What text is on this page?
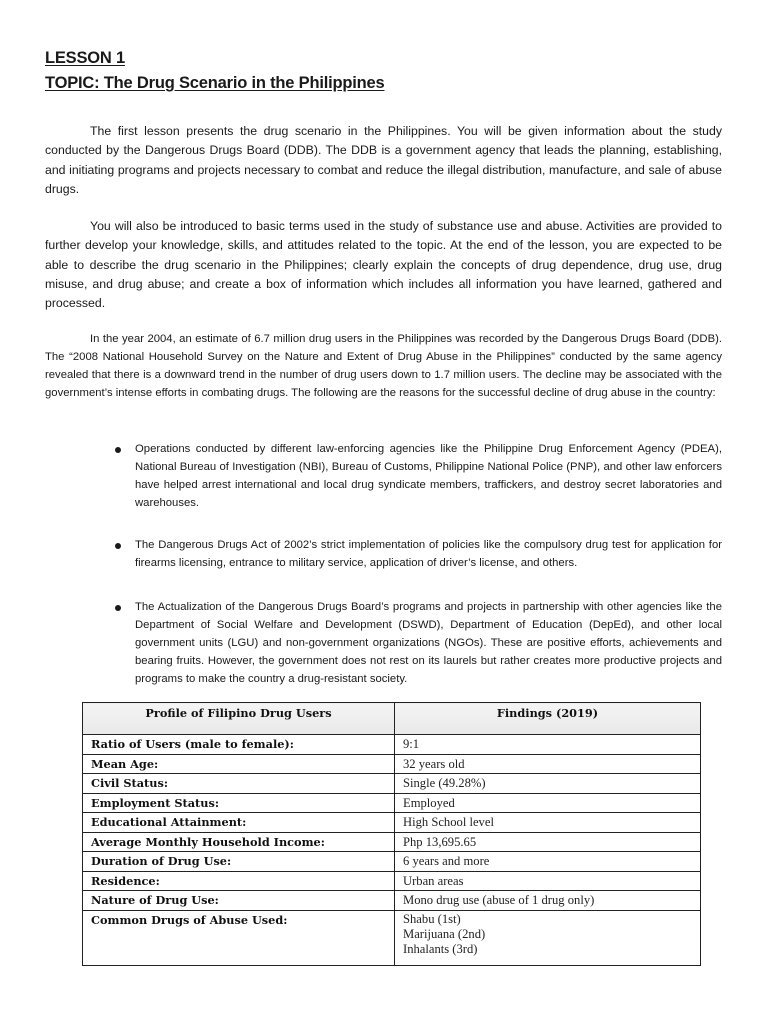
LESSON 1
TOPIC: The Drug Scenario in the Philippines

The first lesson presents the drug scenario in the Philippines. You will be given information about the study conducted by the Dangerous Drugs Board (DDB). The DDB is a government agency that leads the planning, establishing, and initiating programs and projects necessary to combat and reduce the illegal distribution, manufacture, and sale of abuse drugs.

You will also be introduced to basic terms used in the study of substance use and abuse. Activities are provided to further develop your knowledge, skills, and attitudes related to the topic. At the end of the lesson, you are expected to be able to describe the drug scenario in the Philippines; clearly explain the concepts of drug dependence, drug use, drug misuse, and drug abuse; and create a box of information which includes all information you have learned, gathered and processed.

In the year 2004, an estimate of 6.7 million drug users in the Philippines was recorded by the Dangerous Drugs Board (DDB). The “2008 National Household Survey on the Nature and Extent of Drug Abuse in the Philippines” conducted by the same agency revealed that there is a downward trend in the number of drug users down to 1.7 million users. The decline may be associated with the government’s intense efforts in combating drugs. The following are the reasons for the successful decline of drug abuse in the country:

Operations conducted by different law-enforcing agencies like the Philippine Drug Enforcement Agency (PDEA), National Bureau of Investigation (NBI), Bureau of Customs, Philippine National Police (PNP), and other law enforcers have helped arrest international and local drug syndicate members, traffickers, and destroy secret laboratories and warehouses.
The Dangerous Drugs Act of 2002’s strict implementation of policies like the compulsory drug test for application for firearms licensing, entrance to military service, application of driver’s license, and others.
The Actualization of the Dangerous Drugs Board’s programs and projects in partnership with other agencies like the Department of Social Welfare and Development (DSWD), Department of Education (DepEd), and other local government units (LGU) and non-government organizations (NGOs). These are positive efforts, achievements and bearing fruits. However, the government does not rest on its laurels but rather creates more productive projects and programs to make the country a drug-resistant society.
Profile of Filipino Drug Users	Findings (2019)
Ratio of Users (male to female):	9:1
Mean Age:	32 years old
Civil Status:	Single (49.28%)
Employment Status:	Employed
Educational Attainment:	High School level
Average Monthly Household Income:	Php 13,695.65
Duration of Drug Use:	6 years and more
Residence:	Urban areas
Nature of Drug Use:	Mono drug use (abuse of 1 drug only)
Common Drugs of Abuse Used:	Shabu (1st)
Marijuana (2nd)
Inhalants (3rd)
